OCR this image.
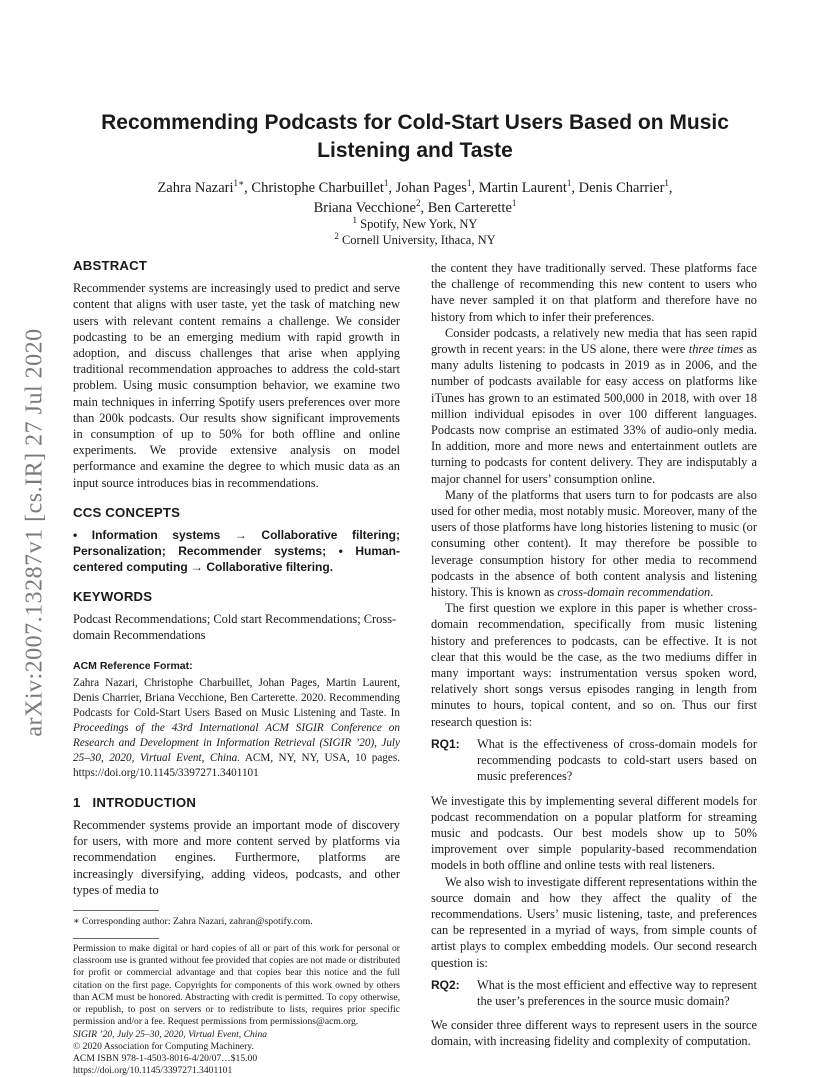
arXiv:2007.13287v1 [cs.IR] 27 Jul 2020
Recommending Podcasts for Cold-Start Users Based on Music Listening and Taste
Zahra Nazari$^{1∗}$, Christophe Charbuillet$^1$, Johan Pages$^1$, Martin Laurent$^1$, Denis Charrier$^1$,
Briana Vecchione$^2$, Ben Carterette$^1$
$^1$ Spotify, New York, NY
$^2$ Cornell University, Ithaca, NY
ABSTRACT

Recommender systems are increasingly used to predict and serve content that aligns with user taste, yet the task of matching new users with relevant content remains a challenge. We consider podcasting to be an emerging medium with rapid growth in adoption, and discuss challenges that arise when applying traditional recommendation approaches to address the cold-start problem. Using music consumption behavior, we examine two main techniques in inferring Spotify users preferences over more than 200k podcasts. Our results show significant improvements in consumption of up to 50% for both offline and online experiments. We provide extensive analysis on model performance and examine the degree to which music data as an input source introduces bias in recommendations.

CCS CONCEPTS

• Information systems → Collaborative filtering; Personalization; Recommender systems; • Human-centered computing → Collaborative filtering.

KEYWORDS

Podcast Recommendations; Cold start Recommendations; Cross-domain Recommendations

ACM Reference Format:

Zahra Nazari, Christophe Charbuillet, Johan Pages, Martin Laurent, Denis Charrier, Briana Vecchione, Ben Carterette. 2020. Recommending Podcasts for Cold-Start Users Based on Music Listening and Taste. In Proceedings of the 43rd International ACM SIGIR Conference on Research and Development in Information Retrieval (SIGIR ’20), July 25–30, 2020, Virtual Event, China. ACM, NY, NY, USA, 10 pages. https://doi.org/10.1145/3397271.3401101

1 INTRODUCTION

Recommender systems provide an important mode of discovery for users, with more and more content served by platforms via recommendation engines. Furthermore, platforms are increasingly diversifying, adding videos, podcasts, and other types of media to

∗ Corresponding author: Zahra Nazari, zahran@spotify.com.

Permission to make digital or hard copies of all or part of this work for personal or classroom use is granted without fee provided that copies are not made or distributed for profit or commercial advantage and that copies bear this notice and the full citation on the first page. Copyrights for components of this work owned by others than ACM must be honored. Abstracting with credit is permitted. To copy otherwise, or republish, to post on servers or to redistribute to lists, requires prior specific permission and/or a fee. Request permissions from permissions@acm.org.

SIGIR ’20, July 25–30, 2020, Virtual Event, China
© 2020 Association for Computing Machinery.
ACM ISBN 978-1-4503-8016-4/20/07…$15.00
https://doi.org/10.1145/3397271.3401101

the content they have traditionally served. These platforms face the challenge of recommending this new content to users who have never sampled it on that platform and therefore have no history from which to infer their preferences.

Consider podcasts, a relatively new media that has seen rapid growth in recent years: in the US alone, there were three times as many adults listening to podcasts in 2019 as in 2006, and the number of podcasts available for easy access on platforms like iTunes has grown to an estimated 500,000 in 2018, with over 18 million individual episodes in over 100 different languages. Podcasts now comprise an estimated 33% of audio-only media. In addition, more and more news and entertainment outlets are turning to podcasts for content delivery. They are indisputably a major channel for users’ consumption online.

Many of the platforms that users turn to for podcasts are also used for other media, most notably music. Moreover, many of the users of those platforms have long histories listening to music (or consuming other content). It may therefore be possible to leverage consumption history for other media to recommend podcasts in the absence of both content analysis and listening history. This is known as cross-domain recommendation.

The first question we explore in this paper is whether cross-domain recommendation, specifically from music listening history and preferences to podcasts, can be effective. It is not clear that this would be the case, as the two mediums differ in many important ways: instrumentation versus spoken word, relatively short songs versus episodes ranging in length from minutes to hours, topical content, and so on. Thus our first research question is:

RQ1:	What is the effectiveness of cross-domain models for recommending podcasts to cold-start users based on music preferences?

We investigate this by implementing several different models for podcast recommendation on a popular platform for streaming music and podcasts. Our best models show up to 50% improvement over simple popularity-based recommendation models in both offline and online tests with real listeners.

We also wish to investigate different representations within the source domain and how they affect the quality of the recommendations. Users’ music listening, taste, and preferences can be represented in a myriad of ways, from simple counts of artist plays to complex embedding models. Our second research question is:

RQ2:	What is the most efficient and effective way to represent the user’s preferences in the source music domain?

We consider three different ways to represent users in the source domain, with increasing fidelity and complexity of computation.
